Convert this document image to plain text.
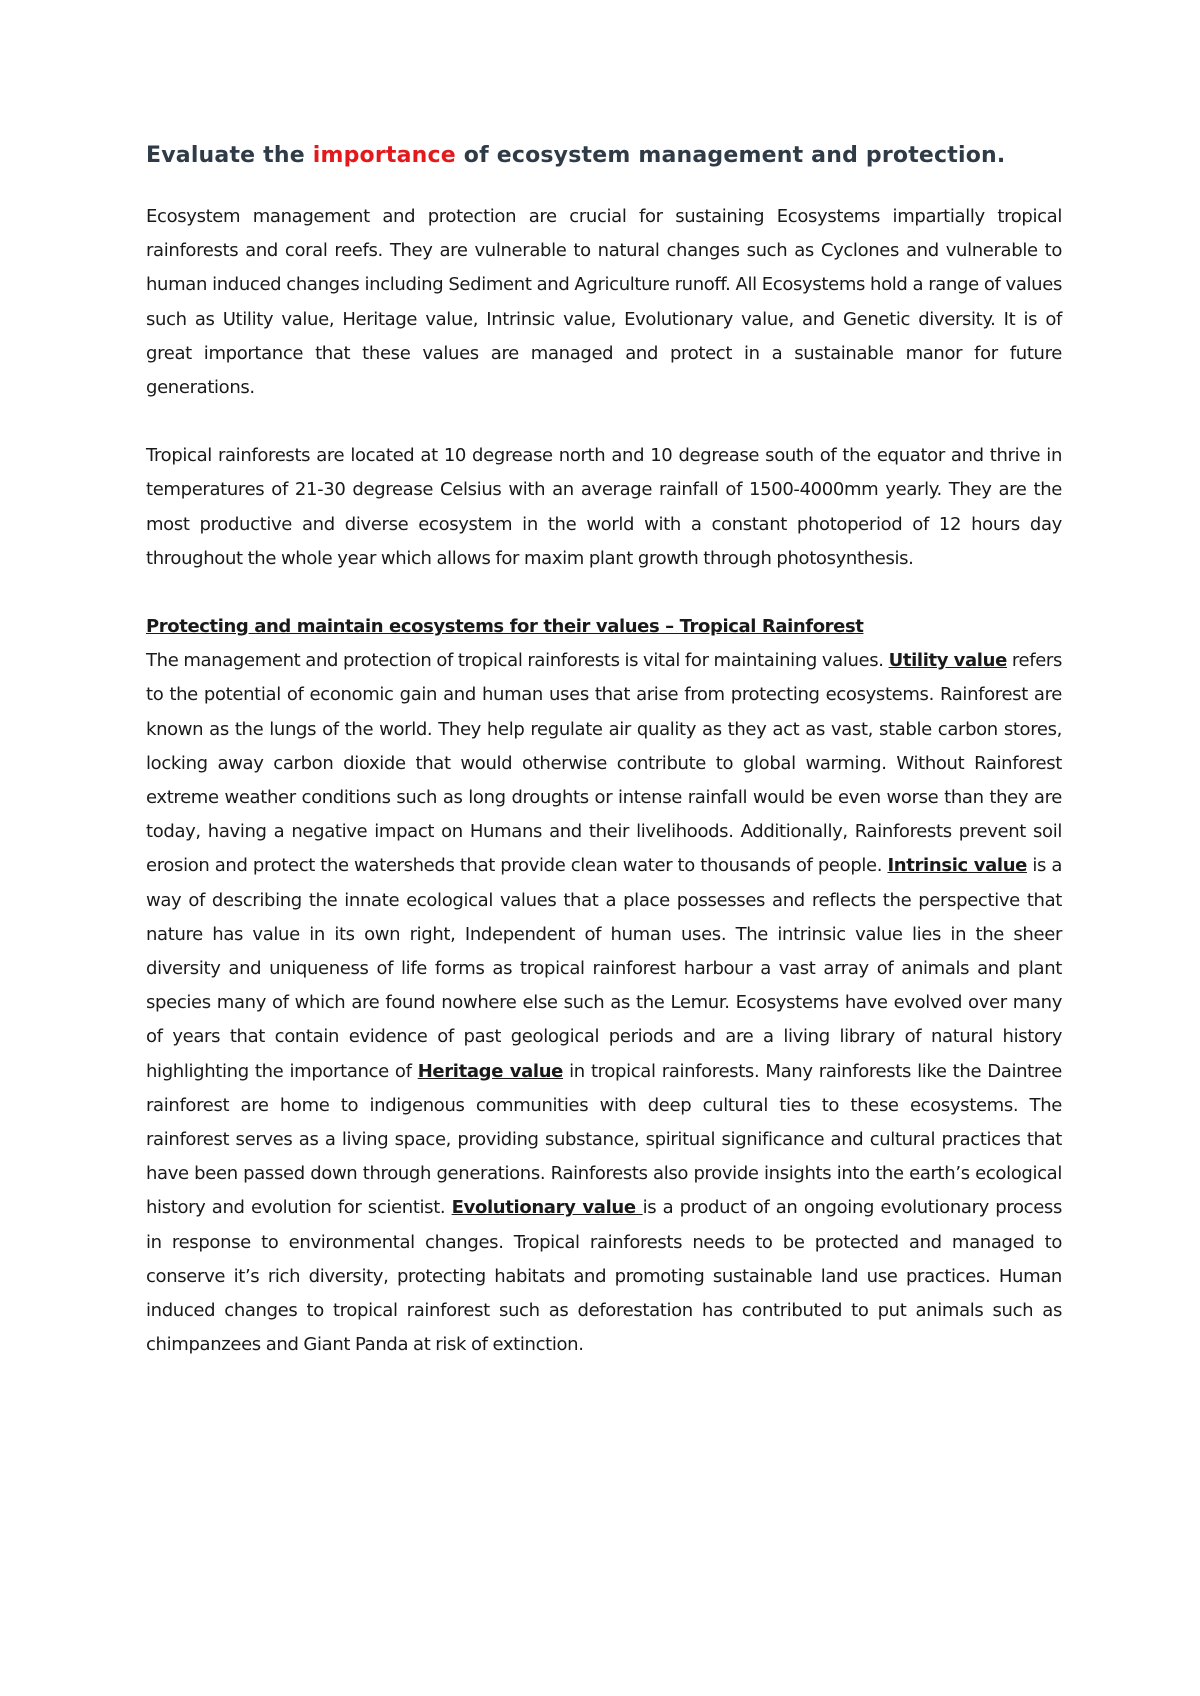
Evaluate the importance of ecosystem management and protection.

Ecosystem management and protection are crucial for sustaining Ecosystems impartially tropical rainforests and coral reefs. They are vulnerable to natural changes such as Cyclones and vulnerable to human induced changes including Sediment and Agriculture runoff. All Ecosystems hold a range of values such as Utility value, Heritage value, Intrinsic value, Evolutionary value, and Genetic diversity. It is of great importance that these values are managed and protect in a sustainable manor for future generations.

Tropical rainforests are located at 10 degrease north and 10 degrease south of the equator and thrive in temperatures of 21-30 degrease Celsius with an average rainfall of 1500-4000mm yearly. They are the most productive and diverse ecosystem in the world with a constant photoperiod of 12 hours day throughout the whole year which allows for maxim plant growth through photosynthesis.

Protecting and maintain ecosystems for their values – Tropical Rainforest

The management and protection of tropical rainforests is vital for maintaining values. Utility value refers to the potential of economic gain and human uses that arise from protecting ecosystems. Rainforest are known as the lungs of the world. They help regulate air quality as they act as vast, stable carbon stores, locking away carbon dioxide that would otherwise contribute to global warming. Without Rainforest extreme weather conditions such as long droughts or intense rainfall would be even worse than they are today, having a negative impact on Humans and their livelihoods. Additionally, Rainforests prevent soil erosion and protect the watersheds that provide clean water to thousands of people. Intrinsic value is a way of describing the innate ecological values that a place possesses and reflects the perspective that nature has value in its own right, Independent of human uses. The intrinsic value lies in the sheer diversity and uniqueness of life forms as tropical rainforest harbour a vast array of animals and plant species many of which are found nowhere else such as the Lemur. Ecosystems have evolved over many of years that contain evidence of past geological periods and are a living library of natural history highlighting the importance of Heritage value in tropical rainforests. Many rainforests like the Daintree rainforest are home to indigenous communities with deep cultural ties to these ecosystems. The rainforest serves as a living space, providing substance, spiritual significance and cultural practices that have been passed down through generations. Rainforests also provide insights into the earth’s ecological history and evolution for scientist. Evolutionary value is a product of an ongoing evolutionary process in response to environmental changes. Tropical rainforests needs to be protected and managed to conserve it’s rich diversity, protecting habitats and promoting sustainable land use practices. Human induced changes to tropical rainforest such as deforestation has contributed to put animals such as chimpanzees and Giant Panda at risk of extinction.
